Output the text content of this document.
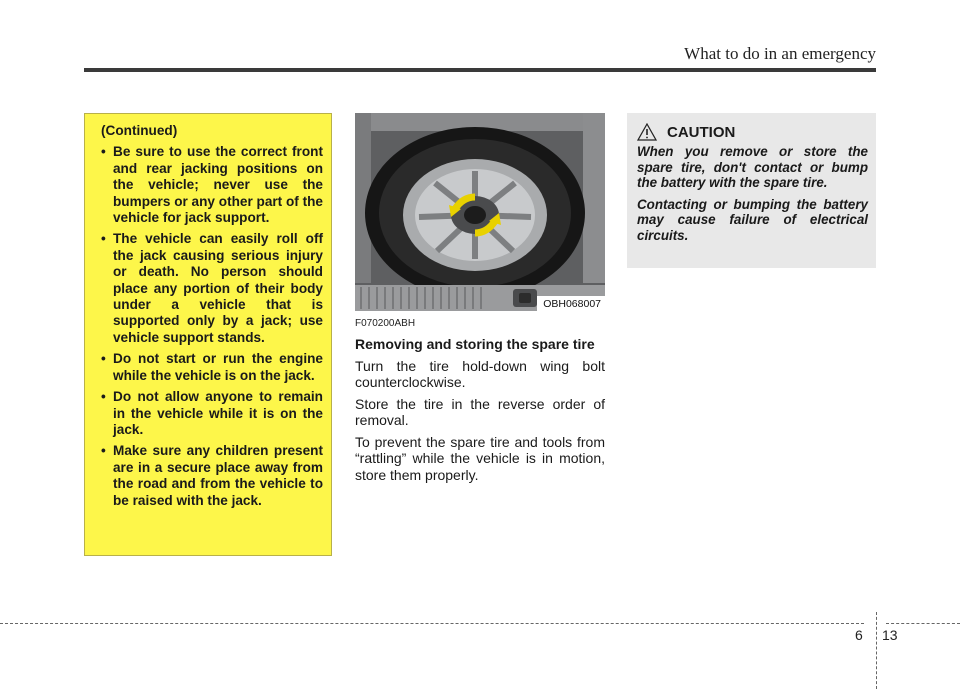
What to do in an emergency
(Continued)
• Be sure to use the correct front and rear jacking positions on the vehicle; never use the bumpers or any other part of the vehicle for jack support.
• The vehicle can easily roll off the jack causing serious injury or death. No person should place any portion of their body under a vehicle that is supported only by a jack; use vehicle support stands.
• Do not start or run the engine while the vehicle is on the jack.
• Do not allow anyone to remain in the vehicle while it is on the jack.
• Make sure any children present are in a secure place away from the road and from the vehicle to be raised with the jack.
OBH068007
F070200ABH
Removing and storing the spare tire

Turn the tire hold-down wing bolt counterclockwise.

Store the tire in the reverse order of removal.

To prevent the spare tire and tools from “rattling” while the vehicle is in motion, store them properly.

CAUTION

When you remove or store the spare tire, don't contact or bump the battery with the spare tire.

Contacting or bumping the battery may cause failure of electrical circuits.

6 13
